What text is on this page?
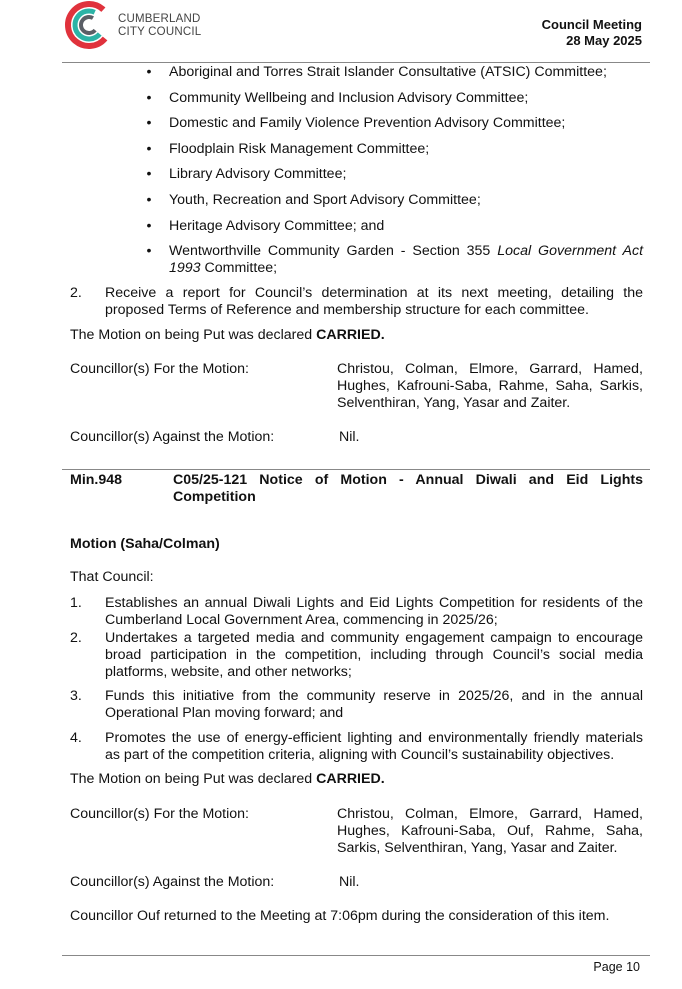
CUMBERLAND
CITY COUNCIL	Council Meeting
28 May 2025
• Aboriginal and Torres Strait Islander Consultative (ATSIC) Committee;
• Community Wellbeing and Inclusion Advisory Committee;
• Domestic and Family Violence Prevention Advisory Committee;
• Floodplain Risk Management Committee;
• Library Advisory Committee;
• Youth, Recreation and Sport Advisory Committee;
• Heritage Advisory Committee; and
• Wentworthville Community Garden - Section 355 Local Government Act
1993 Committee;
2. Receive a report for Council’s determination at its next meeting, detailing the
proposed Terms of Reference and membership structure for each committee.
The Motion on being Put was declared CARRIED.
Councillor(s) For the Motion:	Christou, Colman, Elmore, Garrard, Hamed,
Hughes, Kafrouni-Saba, Rahme, Saha, Sarkis,
Selventhiran, Yang, Yasar and Zaiter.
Councillor(s) Against the Motion:	Nil.
Min.948	C05/25-121 Notice of Motion - Annual Diwali and Eid Lights
Competition
Motion (Saha/Colman)
That Council:
1. Establishes an annual Diwali Lights and Eid Lights Competition for residents of the
Cumberland Local Government Area, commencing in 2025/26;
2. Undertakes a targeted media and community engagement campaign to encourage
broad participation in the competition, including through Council’s social media
platforms, website, and other networks;
3. Funds this initiative from the community reserve in 2025/26, and in the annual
Operational Plan moving forward; and
4. Promotes the use of energy-efficient lighting and environmentally friendly materials
as part of the competition criteria, aligning with Council’s sustainability objectives.
The Motion on being Put was declared CARRIED.
Councillor(s) For the Motion:	Christou, Colman, Elmore, Garrard, Hamed,
Hughes, Kafrouni-Saba, Ouf, Rahme, Saha,
Sarkis, Selventhiran, Yang, Yasar and Zaiter.
Councillor(s) Against the Motion:	Nil.
Councillor Ouf returned to the Meeting at 7:06pm during the consideration of this item.
Page 10
